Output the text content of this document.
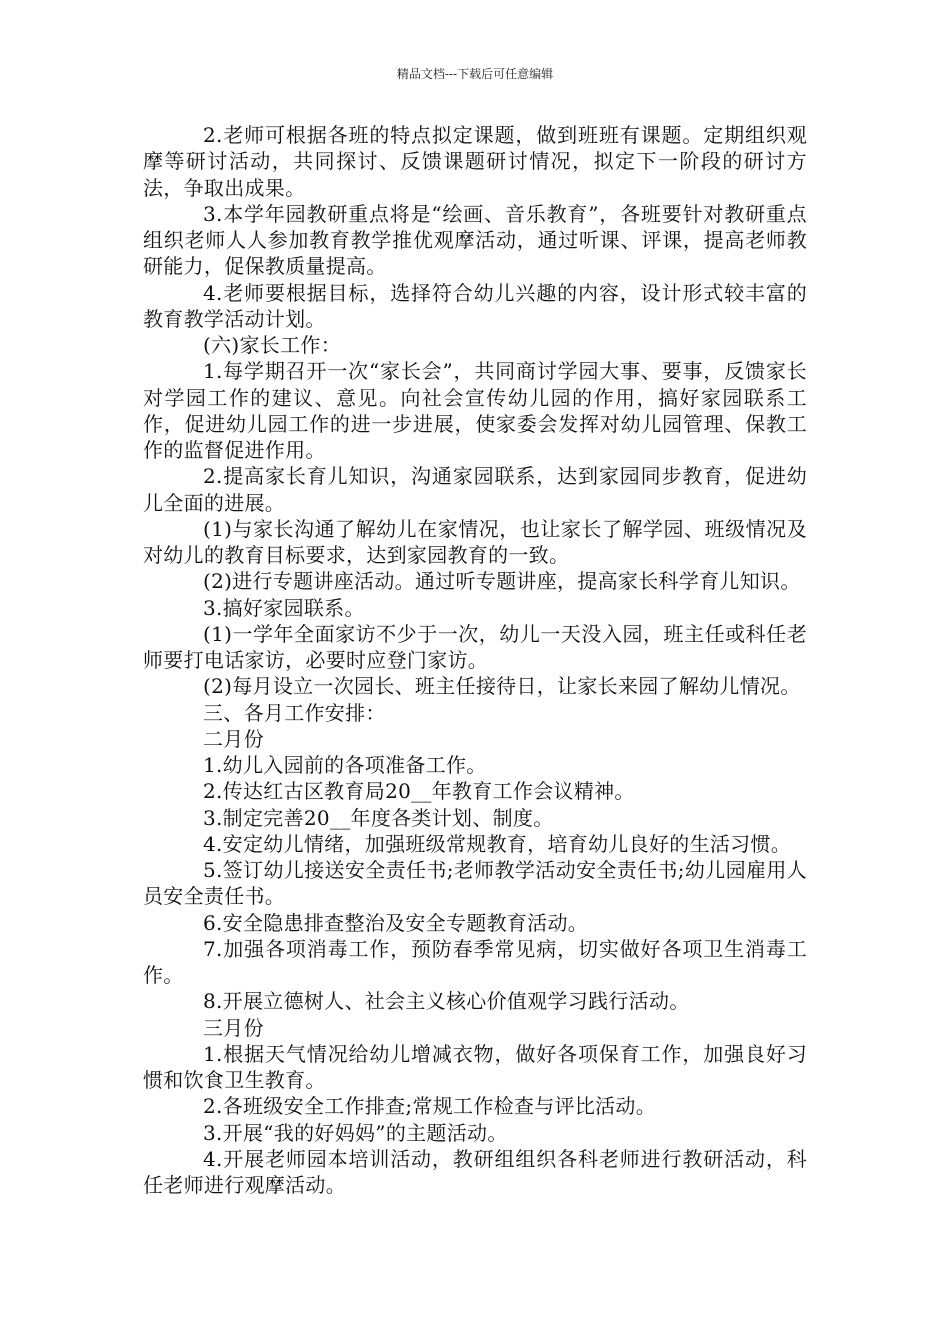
精品文档---下载后可任意编辑

2.老师可根据各班的特点拟定课题，做到班班有课题。定期组织观摩等研讨活动，共同探讨、反馈课题研讨情况，拟定下一阶段的研讨方法，争取出成果。

3.本学年园教研重点将是“绘画、音乐教育”，各班要针对教研重点组织老师人人参加教育教学推优观摩活动，通过听课、评课，提高老师教研能力，促保教质量提高。

4.老师要根据目标，选择符合幼儿兴趣的内容，设计形式较丰富的教育教学活动计划。

(六)家长工作：

1.每学期召开一次“家长会”，共同商讨学园大事、要事，反馈家长对学园工作的建议、意见。向社会宣传幼儿园的作用，搞好家园联系工作，促进幼儿园工作的进一步进展，使家委会发挥对幼儿园管理、保教工作的监督促进作用。

2.提高家长育儿知识，沟通家园联系，达到家园同步教育，促进幼儿全面的进展。

(1)与家长沟通了解幼儿在家情况，也让家长了解学园、班级情况及对幼儿的教育目标要求，达到家园教育的一致。

(2)进行专题讲座活动。通过听专题讲座，提高家长科学育儿知识。

3.搞好家园联系。

(1)一学年全面家访不少于一次，幼儿一天没入园，班主任或科任老师要打电话家访，必要时应登门家访。

(2)每月设立一次园长、班主任接待日，让家长来园了解幼儿情况。

三、各月工作安排：

二月份

1.幼儿入园前的各项准备工作。

2.传达红古区教育局20__年教育工作会议精神。

3.制定完善20__年度各类计划、制度。

4.安定幼儿情绪，加强班级常规教育，培育幼儿良好的生活习惯。

5.签订幼儿接送安全责任书;老师教学活动安全责任书;幼儿园雇用人员安全责任书。

6.安全隐患排查整治及安全专题教育活动。

7.加强各项消毒工作，预防春季常见病，切实做好各项卫生消毒工作。

8.开展立德树人、社会主义核心价值观学习践行活动。

三月份

1.根据天气情况给幼儿增减衣物，做好各项保育工作，加强良好习惯和饮食卫生教育。

2.各班级安全工作排查;常规工作检查与评比活动。

3.开展“我的好妈妈”的主题活动。

4.开展老师园本培训活动，教研组组织各科老师进行教研活动，科任老师进行观摩活动。
